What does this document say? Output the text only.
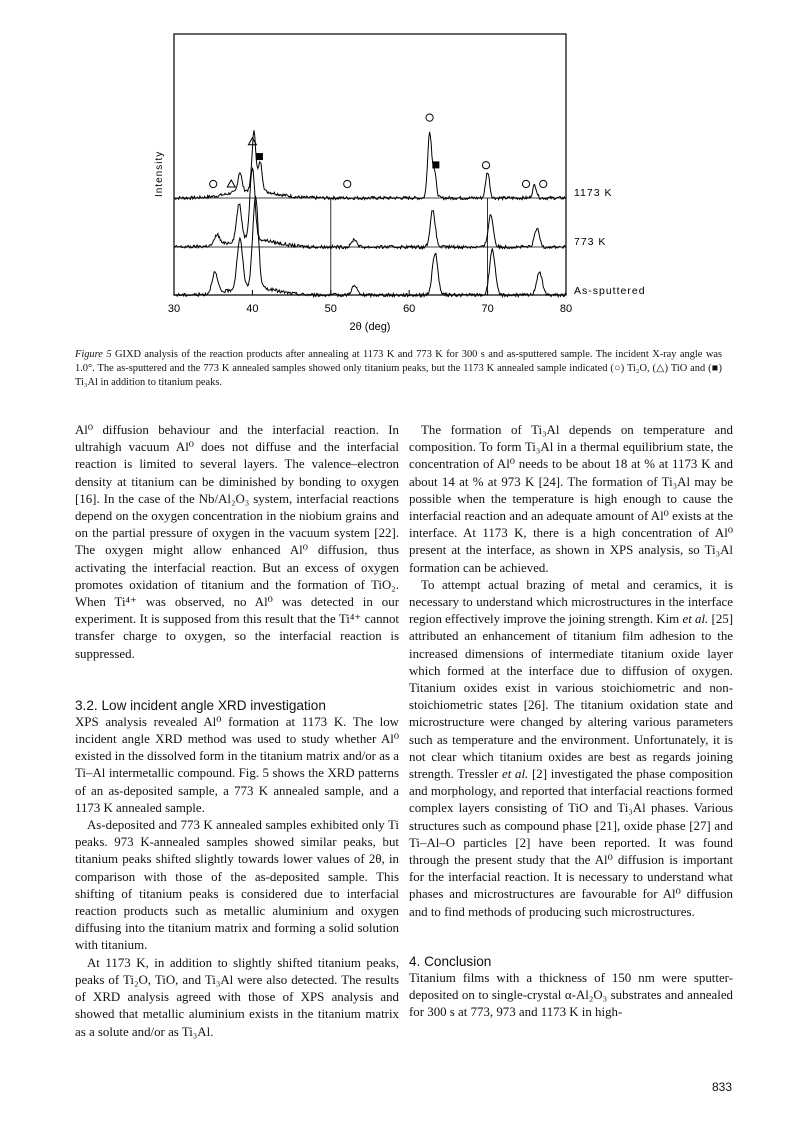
30	40	50	60	70	80
Intensity
2θ (deg)
1173 K
773 K
As-sputtered
Figure 5 GIXD analysis of the reaction products after annealing at 1173 K and 773 K for 300 s and as-sputtered sample. The incident X-ray angle was 1.0°. The as-sputtered and the 773 K annealed samples showed only titanium peaks, but the 1173 K annealed sample indicated (○) Ti₂O, (△) TiO and (■) Ti₃Al in addition to titanium peaks.

Al⁰ diffusion behaviour and the interfacial reaction. In ultrahigh vacuum Al⁰ does not diffuse and the interfacial reaction is limited to several layers. The valence–electron density at titanium can be diminished by bonding to oxygen [16]. In the case of the Nb/Al₂O₃ system, interfacial reactions depend on the oxygen concentration in the niobium grains and on the partial pressure of oxygen in the vacuum system [22]. The oxygen might allow enhanced Al⁰ diffusion, thus activating the interfacial reaction. But an excess of oxygen promotes oxidation of titanium and the formation of TiO₂. When Ti⁴⁺ was observed, no Al⁰ was detected in our experiment. It is supposed from this result that the Ti⁴⁺ cannot transfer charge to oxygen, so the interfacial reaction is suppressed.

3.2. Low incident angle XRD investigation

XPS analysis revealed Al⁰ formation at 1173 K. The low incident angle XRD method was used to study whether Al⁰ existed in the dissolved form in the titanium matrix and/or as a Ti–Al intermetallic compound. Fig. 5 shows the XRD patterns of an as-deposited sample, a 773 K annealed sample, and a 1173 K annealed sample.

As-deposited and 773 K annealed samples exhibited only Ti peaks. 973 K-annealed samples showed similar peaks, but titanium peaks shifted slightly towards lower values of 2θ, in comparison with those of the as-deposited sample. This shifting of titanium peaks is considered due to interfacial reaction products such as metallic aluminium and oxygen diffusing into the titanium matrix and forming a solid solution with titanium.

At 1173 K, in addition to slightly shifted titanium peaks, peaks of Ti₂O, TiO, and Ti₃Al were also detected. The results of XRD analysis agreed with those of XPS analysis and showed that metallic aluminium exists in the titanium matrix as a solute and/or as Ti₃Al.

The formation of Ti₃Al depends on temperature and composition. To form Ti₃Al in a thermal equilibrium state, the concentration of Al⁰ needs to be about 18 at % at 1173 K and about 14 at % at 973 K [24]. The formation of Ti₃Al may be possible when the temperature is high enough to cause the interfacial reaction and an adequate amount of Al⁰ exists at the interface. At 1173 K, there is a high concentration of Al⁰ present at the interface, as shown in XPS analysis, so Ti₃Al formation can be achieved.

To attempt actual brazing of metal and ceramics, it is necessary to understand which microstructures in the interface region effectively improve the joining strength. Kim et al. [25] attributed an enhancement of titanium film adhesion to the increased dimensions of intermediate titanium oxide layer which formed at the interface due to diffusion of oxygen. Titanium oxides exist in various stoichiometric and non-stoichiometric states [26]. The titanium oxidation state and microstructure were changed by altering various parameters such as temperature and the environment. Unfortunately, it is not clear which titanium oxides are best as regards joining strength. Tressler et al. [2] investigated the phase composition and morphology, and reported that interfacial reactions formed complex layers consisting of TiO and Ti₃Al phases. Various structures such as compound phase [21], oxide phase [27] and Ti–Al–O particles [2] have been reported. It was found through the present study that the Al⁰ diffusion is important for the interfacial reaction. It is necessary to understand what phases and microstructures are favourable for Al⁰ diffusion and to find methods of producing such microstructures.

4. Conclusion

Titanium films with a thickness of 150 nm were sputter-deposited on to single-crystal α-Al₂O₃ substrates and annealed for 300 s at 773, 973 and 1173 K in high-

833
